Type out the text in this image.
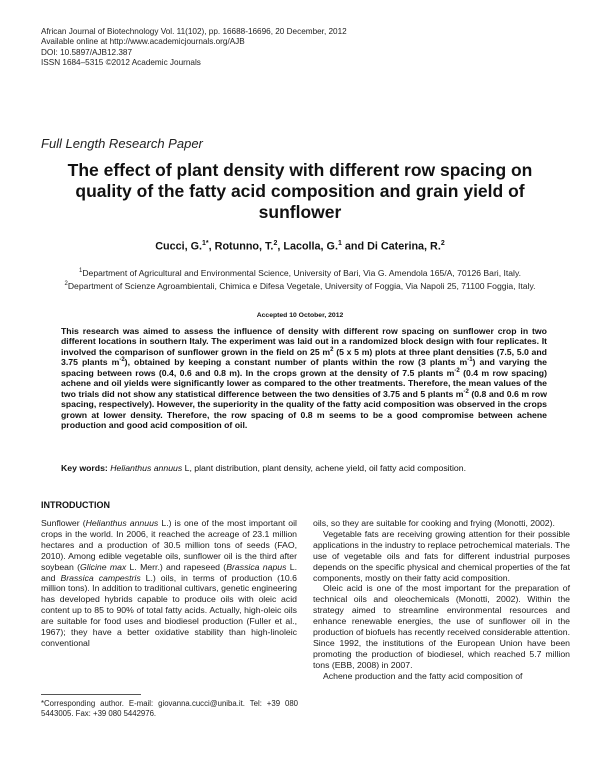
African Journal of Biotechnology Vol. 11(102), pp. 16688-16696, 20 December, 2012
Available online at http://www.academicjournals.org/AJB
DOI: 10.5897/AJB12.387
ISSN 1684–5315 ©2012 Academic Journals
Full Length Research Paper
The effect of plant density with different row spacing on quality of the fatty acid composition and grain yield of sunflower
Cucci, G.$^{1*}$, Rotunno, T.$^2$, Lacolla, G.$^1$ and Di Caterina, R.$^2$
$^1$Department of Agricultural and Environmental Science, University of Bari, Via G. Amendola 165/A, 70126 Bari, Italy.
$^2$Department of Scienze Agroambientali, Chimica e Difesa Vegetale, University of Foggia, Via Napoli 25, 71100 Foggia, Italy.
Accepted 10 October, 2012
This research was aimed to assess the influence of density with different row spacing on sunflower crop in two different locations in southern Italy. The experiment was laid out in a randomized block design with four replicates. It involved the comparison of sunflower grown in the field on 25 $m^2$ (5 x 5 m) plots at three plant densities (7.5, 5.0 and 3.75 plants $m^{-2}$), obtained by keeping a constant number of plants within the row (3 plants $m^{-1}$) and varying the spacing between rows (0.4, 0.6 and 0.8 m). In the crops grown at the density of 7.5 plants $m^{-2}$ (0.4 m row spacing) achene and oil yields were significantly lower as compared to the other treatments. Therefore, the mean values of the two trials did not show any statistical difference between the two densities of 3.75 and 5 plants $m^{-2}$ (0.8 and 0.6 m row spacing, respectively). However, the superiority in the quality of the fatty acid composition was observed in the crops grown at lower density. Therefore, the row spacing of 0.8 m seems to be a good compromise between achene production and good acid composition of oil.
Key words: Helianthus annuus L, plant distribution, plant density, achene yield, oil fatty acid composition.
INTRODUCTION

Sunflower (Helianthus annuus L.) is one of the most important oil crops in the world. In 2006, it reached the acreage of 23.1 million hectares and a production of 30.5 million tons of seeds (FAO, 2010). Among edible vegetable oils, sunflower oil is the third after soybean (Glicine max L. Merr.) and rapeseed (Brassica napus L. and Brassica campestris L.) oils, in terms of production (10.6 million tons). In addition to traditional cultivars, genetic engineering has developed hybrids capable to produce oils with oleic acid content up to 85 to 90% of total fatty acids. Actually, high-oleic oils are suitable for food uses and biodiesel production (Fuller et al., 1967); they have a better oxidative stability than high-linoleic conventional

oils, so they are suitable for cooking and frying (Monotti, 2002).

Vegetable fats are receiving growing attention for their possible applications in the industry to replace petrochemical materials. The use of vegetable oils and fats for different industrial purposes depends on the specific physical and chemical properties of the fat components, mostly on their fatty acid composition.

Oleic acid is one of the most important for the preparation of technical oils and oleochemicals (Monotti, 2002). Within the strategy aimed to streamline environmental resources and enhance renewable energies, the use of sunflower oil in the production of biofuels has recently received considerable attention. Since 1992, the institutions of the European Union have been promoting the production of biodiesel, which reached 5.7 million tons (EBB, 2008) in 2007.

Achene production and the fatty acid composition of

*Corresponding author. E-mail: giovanna.cucci@uniba.it. Tel: +39 080 5443005. Fax: +39 080 5442976.
